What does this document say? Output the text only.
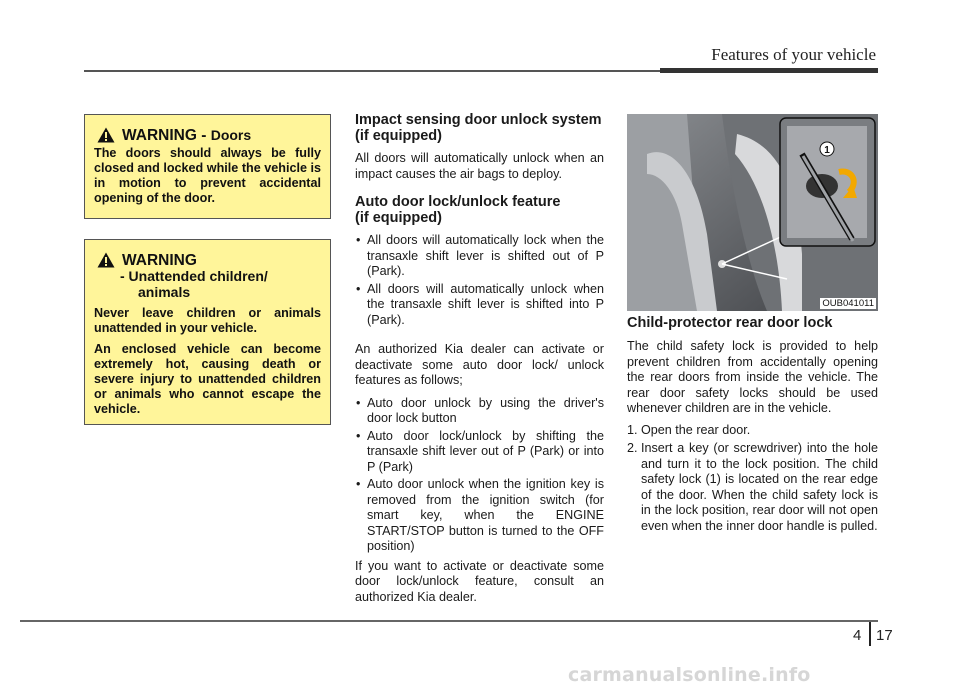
Features of your vehicle
WARNING -
Doors

The doors should always be fully closed and locked while the vehicle is in motion to prevent accidental opening of the door.

WARNING
- Unattended children/
animals

Never leave children or animals unattended in your vehicle.

An enclosed vehicle can become extremely hot, causing death or severe injury to unattended children or animals who cannot escape the vehicle.

Impact sensing door unlock system (if equipped)

All doors will automatically unlock when an impact causes the air bags to deploy.

Auto door lock/unlock feature
(if equipped)
• All doors will automatically lock when the transaxle shift lever is shifted out of P (Park).
• All doors will automatically unlock when the transaxle shift lever is shifted into P (Park).

An authorized Kia dealer can activate or deactivate some auto door lock/ unlock features as follows;

• Auto door unlock by using the driver's door lock button
• Auto door lock/unlock by shifting the transaxle shift lever out of P (Park) or into P (Park)
• Auto door unlock when the ignition key is removed from the ignition switch (for smart key, when the ENGINE START/STOP button is turned to the OFF position)

If you want to activate or deactivate some door lock/unlock feature, consult an authorized Kia dealer.

1
OUB041011
Child-protector rear door lock

The child safety lock is provided to help prevent children from accidentally opening the rear doors from inside the vehicle. The rear door safety locks should be used whenever children are in the vehicle.

1. Open the rear door.
2. Insert a key (or screwdriver) into the hole and turn it to the lock position. The child safety lock (1) is located on the rear edge of the door. When the child safety lock is in the lock position, rear door will not open even when the inner door handle is pulled.
4 17
carmanualsonline.info
